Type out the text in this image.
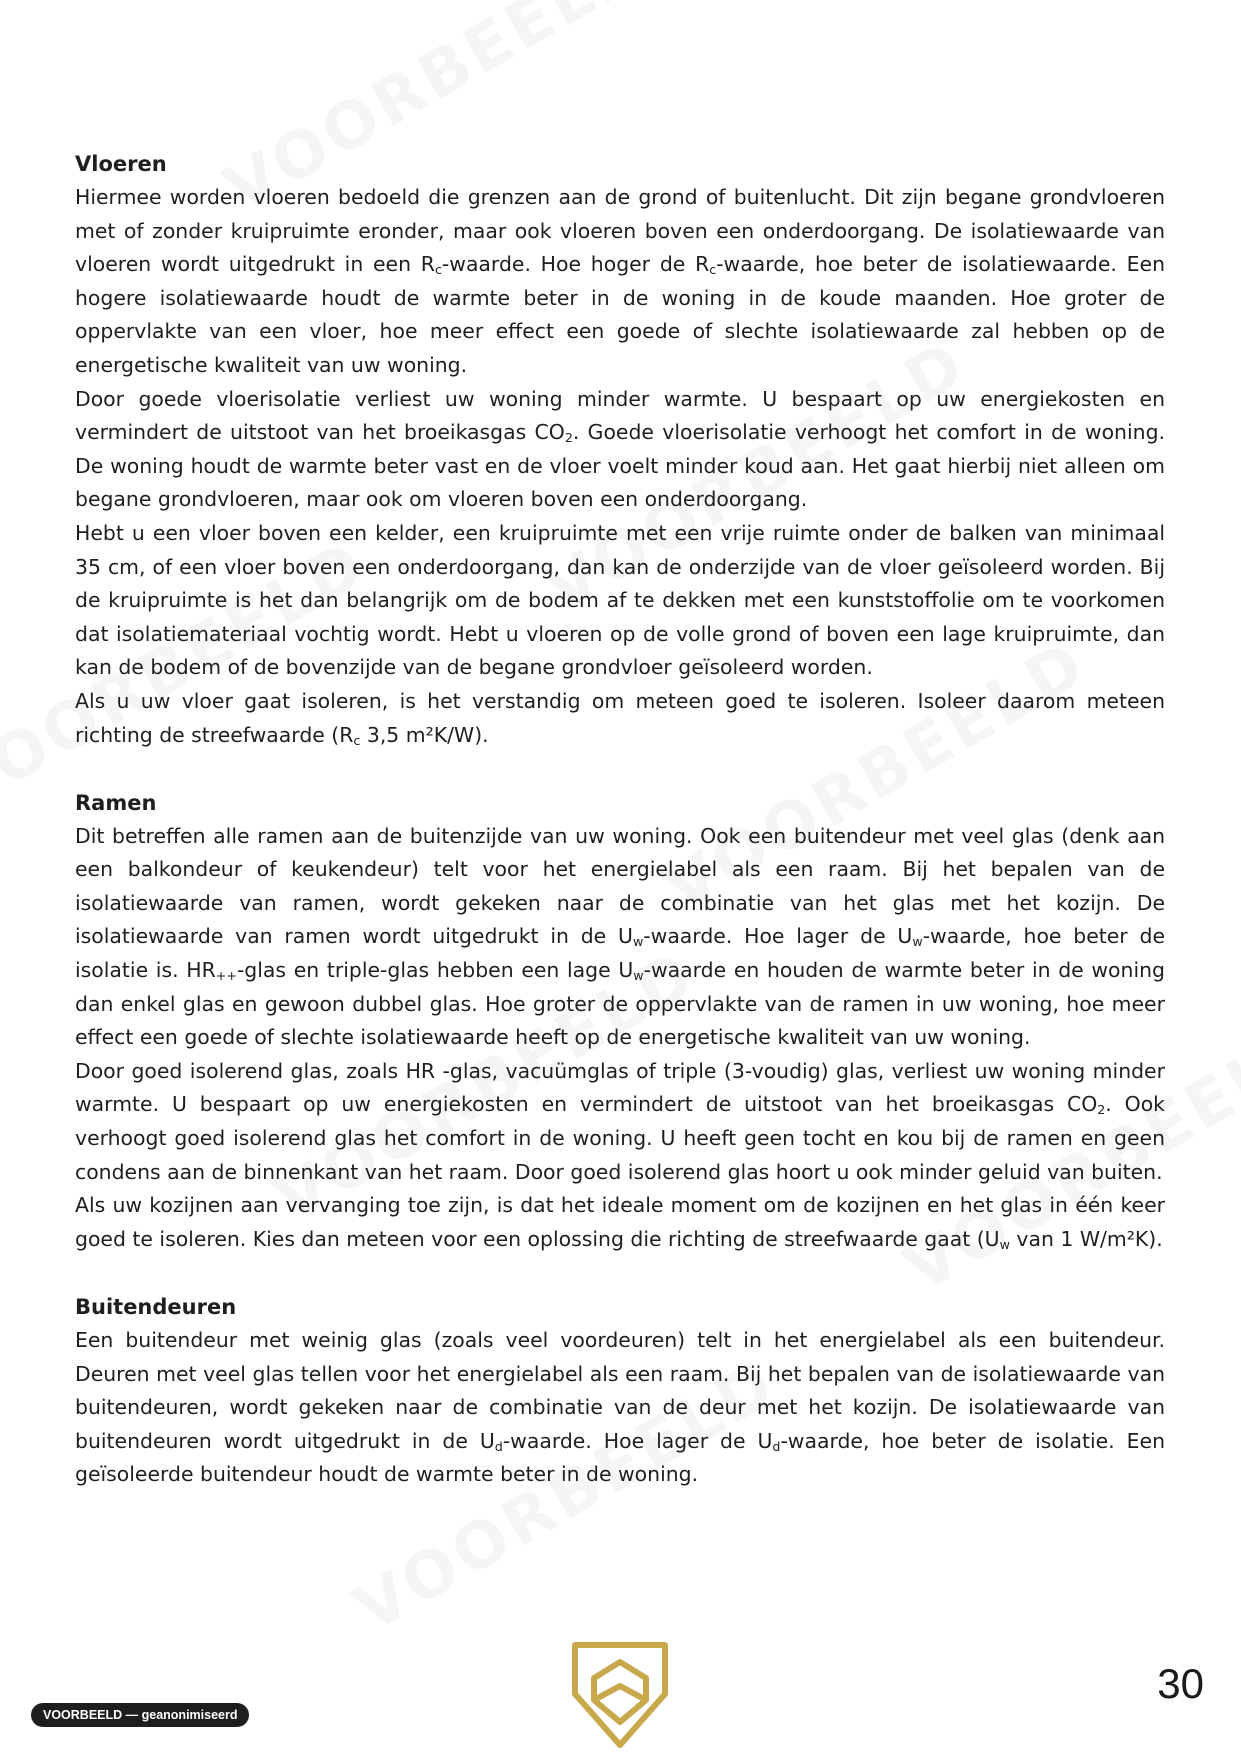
Vloeren

Hiermee worden vloeren bedoeld die grenzen aan de grond of buitenlucht. Dit zijn begane grondvloeren met of zonder kruipruimte eronder, maar ook vloeren boven een onderdoorgang. De isolatiewaarde van vloeren wordt uitgedrukt in een $R_c$-waarde. Hoe hoger de $R_c$-waarde, hoe beter de isolatiewaarde. Een hogere isolatiewaarde houdt de warmte beter in de woning in de koude maanden. Hoe groter de oppervlakte van een vloer, hoe meer effect een goede of slechte isolatiewaarde zal hebben op de energetische kwaliteit van uw woning.

Door goede vloerisolatie verliest uw woning minder warmte. U bespaart op uw energiekosten en vermindert de uitstoot van het broeikasgas $CO_2$. Goede vloerisolatie verhoogt het comfort in de woning. De woning houdt de warmte beter vast en de vloer voelt minder koud aan. Het gaat hierbij niet alleen om begane grondvloeren, maar ook om vloeren boven een onderdoorgang.

Hebt u een vloer boven een kelder, een kruipruimte met een vrije ruimte onder de balken van minimaal 35 cm, of een vloer boven een onderdoorgang, dan kan de onderzijde van de vloer geïsoleerd worden. Bij de kruipruimte is het dan belangrijk om de bodem af te dekken met een kunststoffolie om te voorkomen dat isolatiemateriaal vochtig wordt. Hebt u vloeren op de volle grond of boven een lage kruipruimte, dan kan de bodem of de bovenzijde van de begane grondvloer geïsoleerd worden.

Als u uw vloer gaat isoleren, is het verstandig om meteen goed te isoleren. Isoleer daarom meteen richting de streefwaarde ($R_c$ 3,5 m²K/W).

Ramen

Dit betreffen alle ramen aan de buitenzijde van uw woning. Ook een buitendeur met veel glas (denk aan een balkondeur of keukendeur) telt voor het energielabel als een raam. Bij het bepalen van de isolatiewaarde van ramen, wordt gekeken naar de combinatie van het glas met het kozijn. De isolatiewaarde van ramen wordt uitgedrukt in de $U_w$-waarde. Hoe lager de $U_w$-waarde, hoe beter de isolatie is. $HR_{++}$-glas en triple-glas hebben een lage $U_w$-waarde en houden de warmte beter in de woning dan enkel glas en gewoon dubbel glas. Hoe groter de oppervlakte van de ramen in uw woning, hoe meer effect een goede of slechte isolatiewaarde heeft op de energetische kwaliteit van uw woning.

Door goed isolerend glas, zoals HR -glas, vacuümglas of triple (3-voudig) glas, verliest uw woning minder warmte. U bespaart op uw energiekosten en vermindert de uitstoot van het broeikasgas $CO_2$. Ook verhoogt goed isolerend glas het comfort in de woning. U heeft geen tocht en kou bij de ramen en geen condens aan de binnenkant van het raam. Door goed isolerend glas hoort u ook minder geluid van buiten.

Als uw kozijnen aan vervanging toe zijn, is dat het ideale moment om de kozijnen en het glas in één keer goed te isoleren. Kies dan meteen voor een oplossing die richting de streefwaarde gaat ($U_w$ van 1 W/m²K).

Buitendeuren

Een buitendeur met weinig glas (zoals veel voordeuren) telt in het energielabel als een buitendeur. Deuren met veel glas tellen voor het energielabel als een raam. Bij het bepalen van de isolatiewaarde van buitendeuren, wordt gekeken naar de combinatie van de deur met het kozijn. De isolatiewaarde van buitendeuren wordt uitgedrukt in de $U_d$-waarde. Hoe lager de $U_d$-waarde, hoe beter de isolatie. Een geïsoleerde buitendeur houdt de warmte beter in de woning.

VOORBEELD — geanonimiseerd
30
